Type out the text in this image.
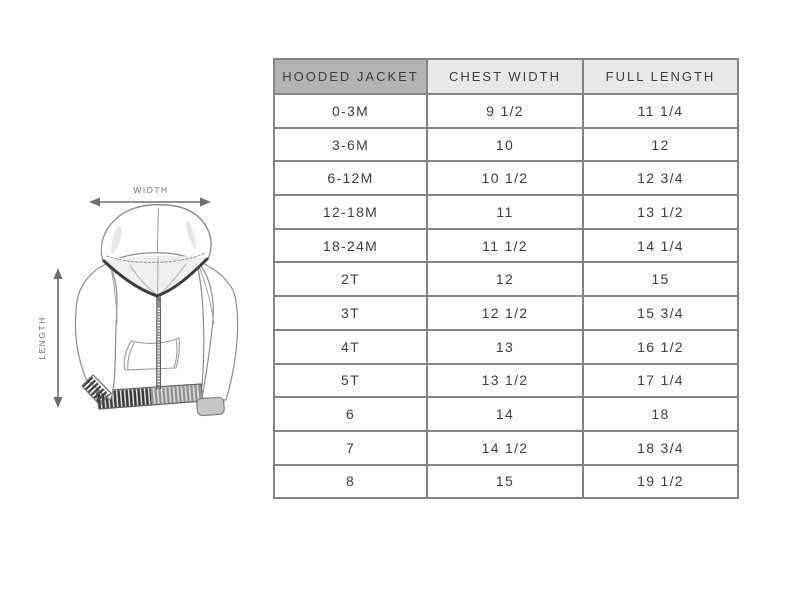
WIDTH
LENGTH
HOODED JACKET	CHEST WIDTH	FULL LENGTH
0-3M	9 1/2	11 1/4
3-6M	10	12
6-12M	10 1/2	12 3/4
12-18M	11	13 1/2
18-24M	11 1/2	14 1/4
2T	12	15
3T	12 1/2	15 3/4
4T	13	16 1/2
5T	13 1/2	17 1/4
6	14	18
7	14 1/2	18 3/4
8	15	19 1/2
